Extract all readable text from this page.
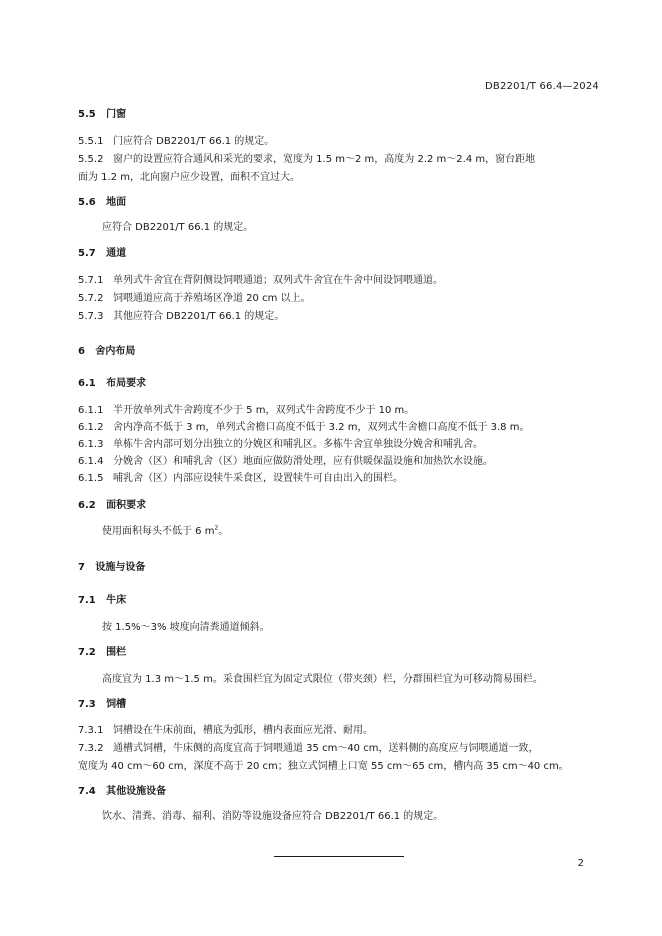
DB2201/T 66.4—2024
5.5 门窗
5.5.1 门应符合 DB2201/T 66.1 的规定。
5.5.2 窗户的设置应符合通风和采光的要求，宽度为 1.5 m～2 m，高度为 2.2 m～2.4 m，窗台距地
面为 1.2 m，北向窗户应少设置，面积不宜过大。
5.6 地面
应符合 DB2201/T 66.1 的规定。
5.7 通道
5.7.1 单列式牛舍宜在背阴侧设饲喂通道；双列式牛舍宜在牛舍中间设饲喂通道。
5.7.2 饲喂通道应高于养殖场区净道 20 cm 以上。
5.7.3 其他应符合 DB2201/T 66.1 的规定。
6 舍内布局
6.1 布局要求
6.1.1 半开放单列式牛舍跨度不少于 5 m，双列式牛舍跨度不少于 10 m。
6.1.2 舍内净高不低于 3 m，单列式舍檐口高度不低于 3.2 m，双列式牛舍檐口高度不低于 3.8 m。
6.1.3 单栋牛舍内部可划分出独立的分娩区和哺乳区。多栋牛舍宜单独设分娩舍和哺乳舍。
6.1.4 分娩舍（区）和哺乳舍（区）地面应做防滑处理，应有供暖保温设施和加热饮水设施。
6.1.5 哺乳舍（区）内部应设犊牛采食区，设置犊牛可自由出入的围栏。
6.2 面积要求
使用面积每头不低于 6 $m^2$。
7 设施与设备
7.1 牛床
按 1.5%～3% 坡度向清粪通道倾斜。
7.2 围栏
高度宜为 1.3 m～1.5 m。采食围栏宜为固定式限位（带夹颈）栏，分群围栏宜为可移动简易围栏。
7.3 饲槽
7.3.1 饲槽设在牛床前面，槽底为弧形，槽内表面应光滑、耐用。
7.3.2 通槽式饲槽，牛床侧的高度宜高于饲喂通道 35 cm～40 cm，送料侧的高度应与饲喂通道一致，
宽度为 40 cm～60 cm，深度不高于 20 cm；独立式饲槽上口宽 55 cm～65 cm，槽内高 35 cm～40 cm。
7.4 其他设施设备
饮水、清粪、消毒、福利、消防等设施设备应符合 DB2201/T 66.1 的规定。
2
